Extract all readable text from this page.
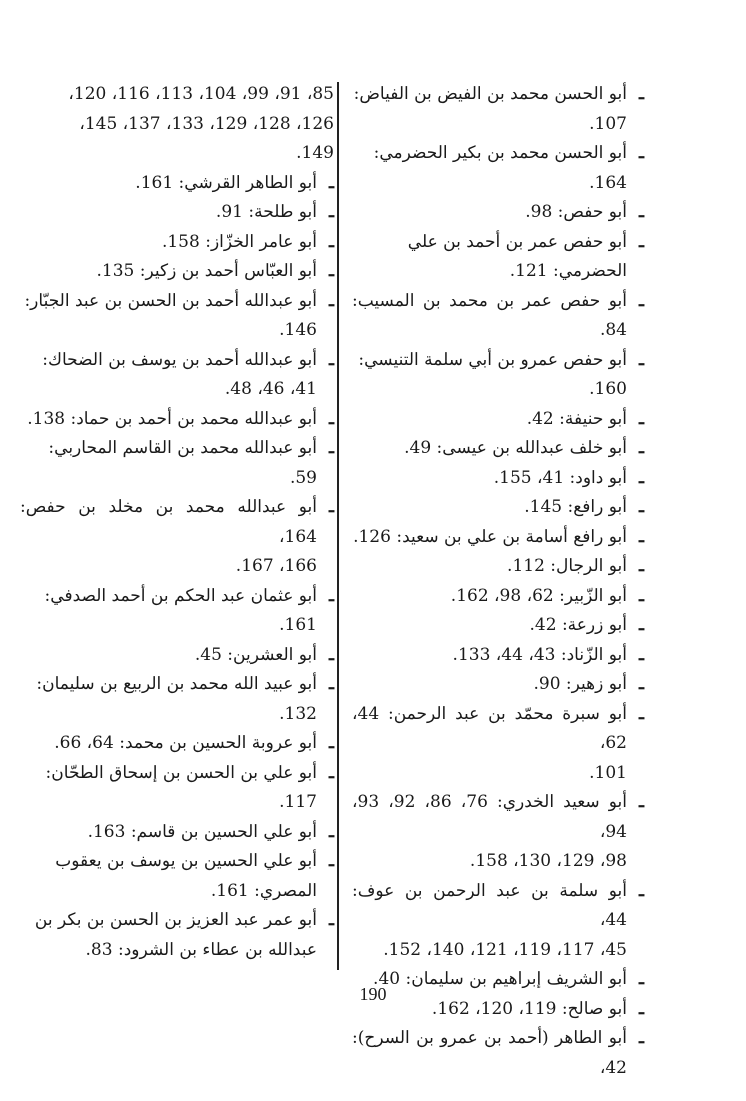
ـ
أبو الحسن محمد بن الفيض بن الفياض:
107.
ـ
أبو الحسن محمد بن بكير الحضرمي:
164.
ـ
أبو حفص: 98.
ـ
أبو حفص عمر بن أحمد بن علي
الحضرمي: 121.
ـ
أبو حفص عمر بن محمد بن المسيب: 84.
ـ
أبو حفص عمرو بن أبي سلمة التنيسي:
160.
ـ
أبو حنيفة: 42.
ـ
أبو خلف عبدالله بن عيسى: 49.
ـ
أبو داود: 41، 155.
ـ
أبو رافع: 145.
ـ
أبو رافع أسامة بن علي بن سعيد: 126.
ـ
أبو الرجال: 112.
ـ
أبو الزّبير: 62، 98، 162.
ـ
أبو زرعة: 42.
ـ
أبو الزّناد: 43، 44، 133.
ـ
أبو زهير: 90.
ـ
أبو سبرة محمّد بن عبد الرحمن: 44، 62،
101.
ـ
أبو سعيد الخدري: 76، 86، 92، 93، 94،
98، 129، 130، 158.
ـ
أبو سلمة بن عبد الرحمن بن عوف: 44،
45، 117، 119، 121، 140، 152.
ـ
أبو الشريف إبراهيم بن سليمان: 40.
ـ
أبو صالح: 119، 120، 162.
ـ
أبو الطاهر (أحمد بن عمرو بن السرح): 42،
85، 91، 99، 104، 113، 116، 120،
126، 128، 129، 133، 137، 145،
149.
ـ
أبو الطاهر القرشي: 161.
ـ
أبو طلحة: 91.
ـ
أبو عامر الخزّاز: 158.
ـ
أبو العبّاس أحمد بن زكير: 135.
ـ
أبو عبدالله أحمد بن الحسن بن عبد الجبّار:
146.
ـ
أبو عبدالله أحمد بن يوسف بن الضحاك:
41، 46، 48.
ـ
أبو عبدالله محمد بن أحمد بن حماد: 138.
ـ
أبو عبدالله محمد بن القاسم المحاربي:
59.
ـ
أبو عبدالله محمد بن مخلد بن حفص: 164،
166، 167.
ـ
أبو عثمان عبد الحكم بن أحمد الصدفي:
161.
ـ
أبو العشرين: 45.
ـ
أبو عبيد الله محمد بن الربيع بن سليمان:
132.
ـ
أبو عروبة الحسين بن محمد: 64، 66.
ـ
أبو علي بن الحسن بن إسحاق الطحّان:
117.
ـ
أبو علي الحسين بن قاسم: 163.
ـ
أبو علي الحسين بن يوسف بن يعقوب
المصري: 161.
ـ
أبو عمر عبد العزيز بن الحسن بن بكر بن
عبدالله بن عطاء بن الشرود: 83.
190
